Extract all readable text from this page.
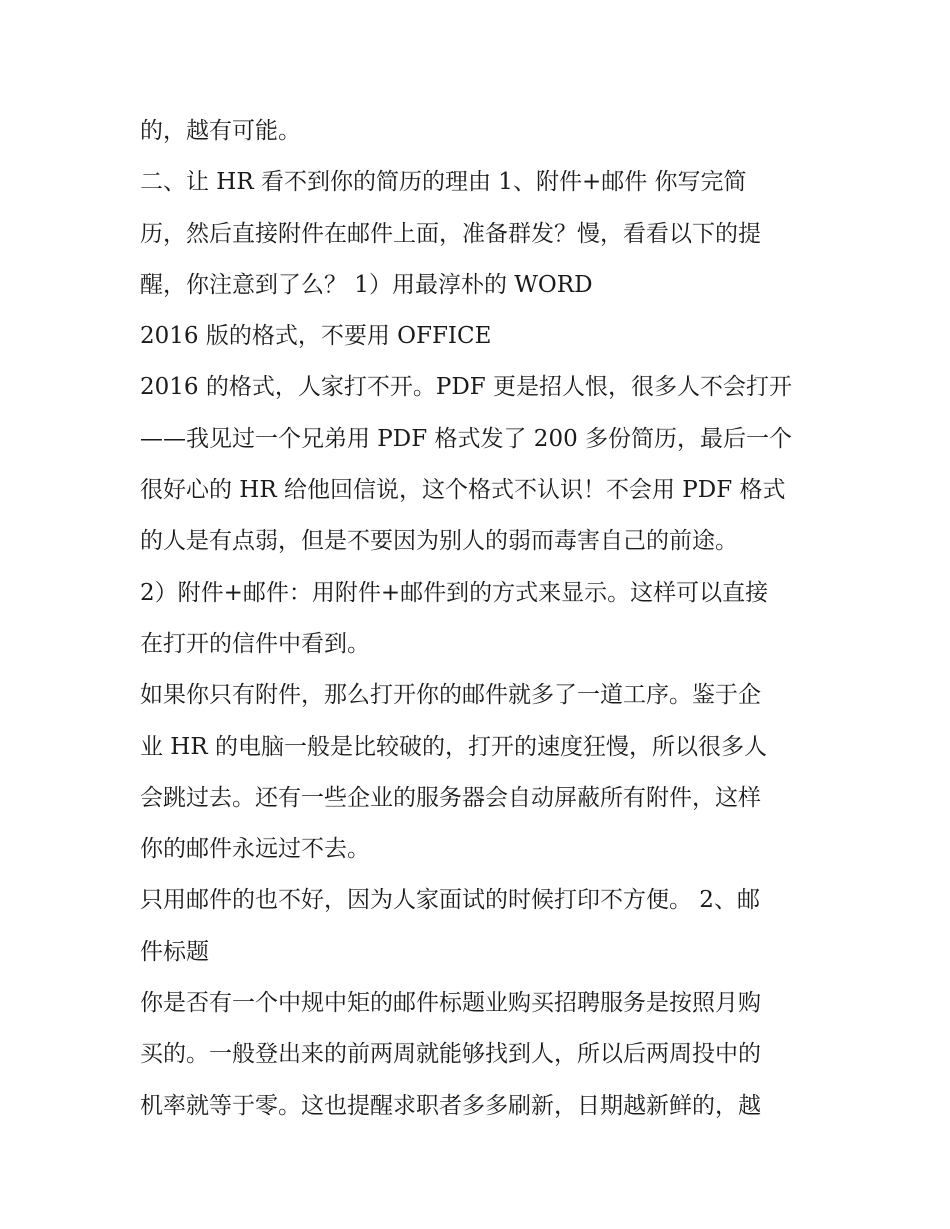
的，越有可能。
二、让 HR 看不到你的简历的理由 1、附件+邮件 你写完简
历，然后直接附件在邮件上面，准备群发？慢，看看以下的提
醒，你注意到了么？ 1）用最淳朴的 WORD
2016 版的格式，不要用 OFFICE
2016 的格式，人家打不开。PDF 更是招人恨，很多人不会打开
——我见过一个兄弟用 PDF 格式发了 200 多份简历，最后一个
很好心的 HR 给他回信说，这个格式不认识！不会用 PDF 格式
的人是有点弱，但是不要因为别人的弱而毒害自己的前途。
2）附件+邮件：用附件+邮件到的方式来显示。这样可以直接
在打开的信件中看到。
如果你只有附件，那么打开你的邮件就多了一道工序。鉴于企
业 HR 的电脑一般是比较破的，打开的速度狂慢，所以很多人
会跳过去。还有一些企业的服务器会自动屏蔽所有附件，这样
你的邮件永远过不去。
只用邮件的也不好，因为人家面试的时候打印不方便。 2、邮
件标题
你是否有一个中规中矩的邮件标题业购买招聘服务是按照月购
买的。一般登出来的前两周就能够找到人，所以后两周投中的
机率就等于零。这也提醒求职者多多刷新，日期越新鲜的，越
